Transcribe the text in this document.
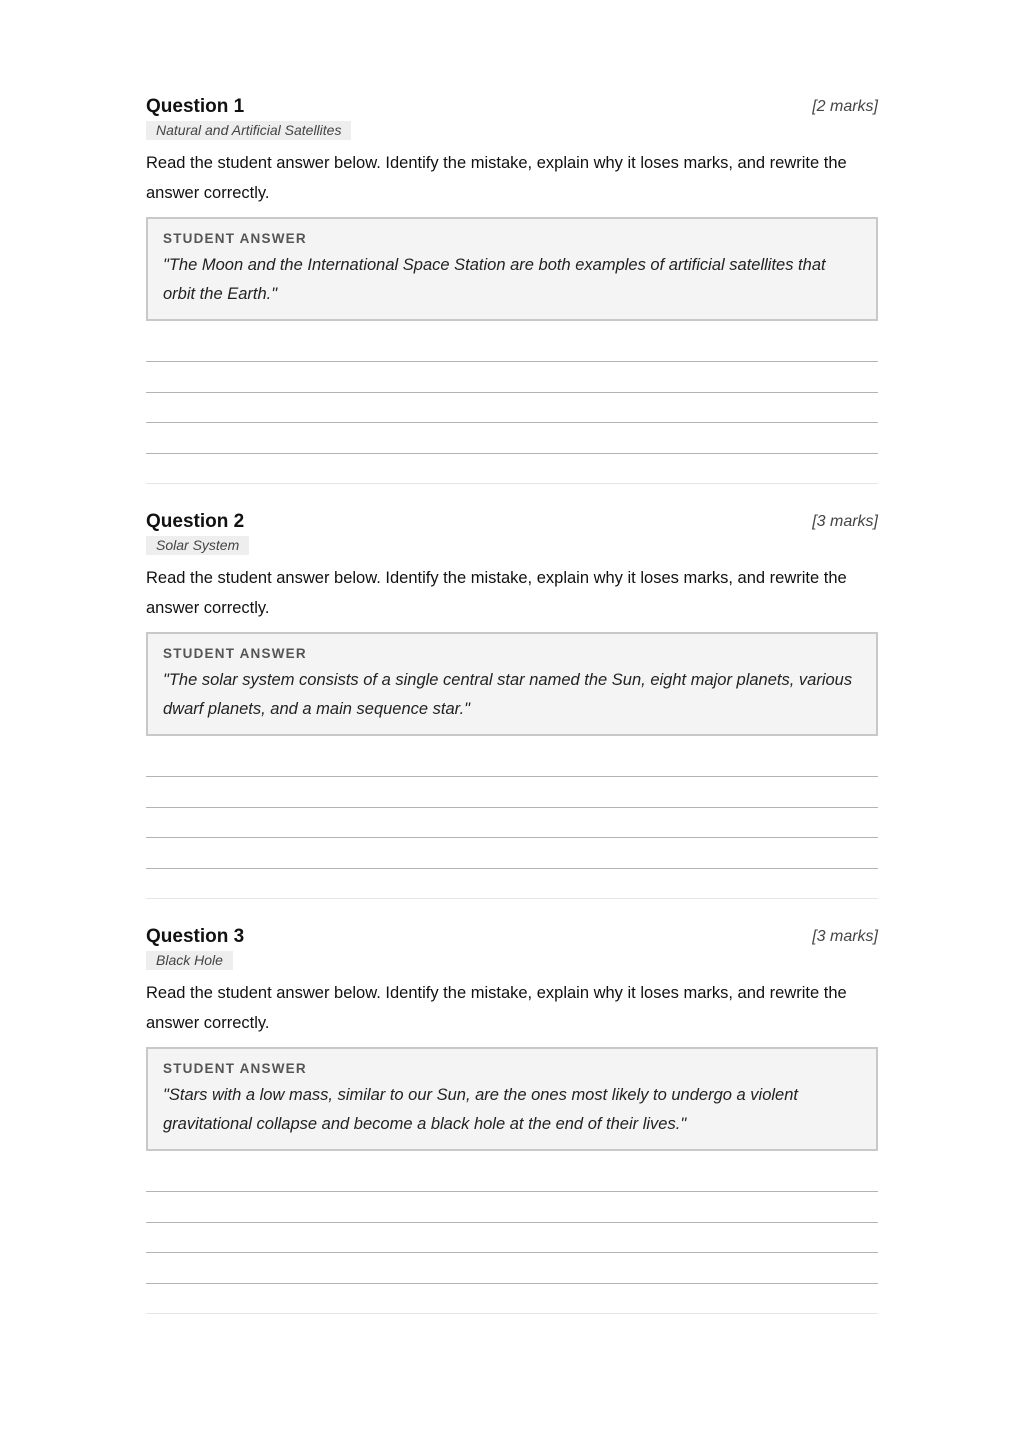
Question 1	[2 marks]
Natural and Artificial Satellites
Read the student answer below. Identify the mistake, explain why it loses marks, and rewrite the answer correctly.
STUDENT ANSWER
"The Moon and the International Space Station are both examples of artificial satellites that orbit the Earth."
Question 2	[3 marks]
Solar System
Read the student answer below. Identify the mistake, explain why it loses marks, and rewrite the answer correctly.
STUDENT ANSWER
"The solar system consists of a single central star named the Sun, eight major planets, various dwarf planets, and a main sequence star."
Question 3	[3 marks]
Black Hole
Read the student answer below. Identify the mistake, explain why it loses marks, and rewrite the answer correctly.
STUDENT ANSWER
"Stars with a low mass, similar to our Sun, are the ones most likely to undergo a violent gravitational collapse and become a black hole at the end of their lives."
